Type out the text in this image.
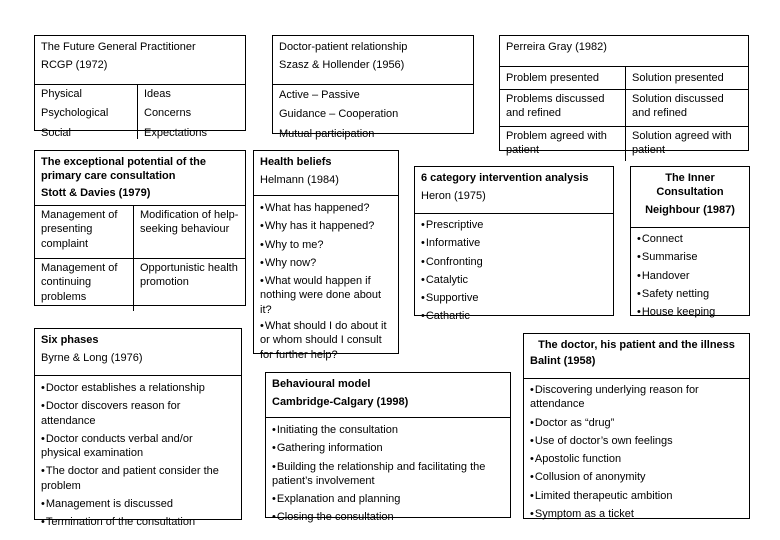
The Future General Practitioner
RCGP (1972)
Physical
Psychological
Social
Ideas
Concerns
Expectations
Doctor-patient relationship
Szasz & Hollender (1956)
Active – Passive
Guidance – Cooperation
Mutual participation
Perreira Gray (1982)
Problem presented	Solution presented
Problems discussed and refined
Solution discussed and refined
Problem agreed with patient
Solution agreed with patient
The exceptional potential of the
primary care consultation
Stott & Davies (1979)
Management of presenting complaint
Modification of help-seeking behaviour
Management of continuing problems
Opportunistic health promotion
Health beliefs
Helmann (1984)
• What has happened?
• Why has it happened?
• Why to me?
• Why now?
• What would happen if nothing were done about it?
• What should I do about it or whom should I consult for further help?
6 category intervention analysis
Heron (1975)
• Prescriptive
• Informative
• Confronting
• Catalytic
• Supportive
• Cathartic
The Inner
Consultation
Neighbour (1987)
• Connect
• Summarise
• Handover
• Safety netting
• House keeping
Six phases
Byrne & Long (1976)
• Doctor establishes a relationship
• Doctor discovers reason for attendance
• Doctor conducts verbal and/or physical examination
• The doctor and patient consider the problem
• Management is discussed
• Termination of the consultation
Behavioural model
Cambridge-Calgary (1998)
• Initiating the consultation
• Gathering information
• Building the relationship and facilitating the patient’s involvement
• Explanation and planning
• Closing the consultation
The doctor, his patient and the illness
Balint (1958)
• Discovering underlying reason for attendance
• Doctor as “drug”
• Use of doctor’s own feelings
• Apostolic function
• Collusion of anonymity
• Limited therapeutic ambition
• Symptom as a ticket
